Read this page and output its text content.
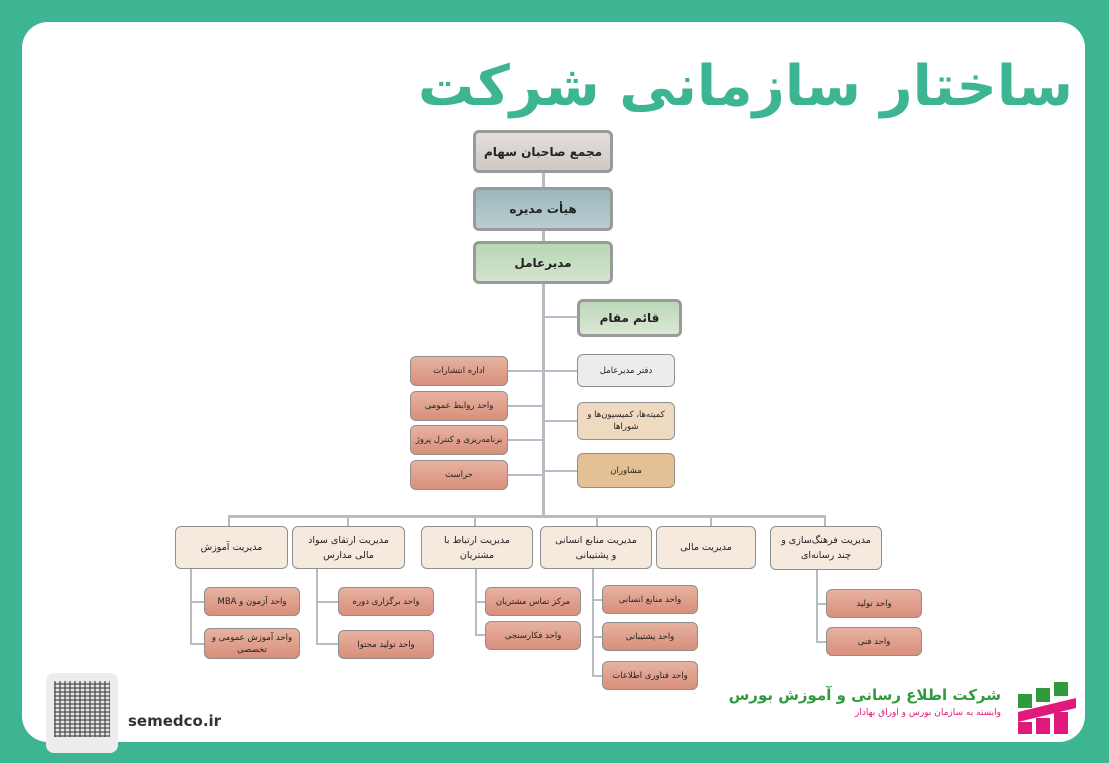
ساختار سازمانی شرکت
مجمع صاحبان سهام
هیأت مدیره
مدیرعامل
قائم مقام
اداره انتشارات
واحد روابط عمومی
برنامه‌ریزی و کنترل پروژ
حراست
دفتر مدیرعامل
کمیته‌ها، کمیسیون‌ها و شوراها
مشاوران
مدیریت آموزش
مدیریت ارتقای سواد مالی مدارس
مدیریت ارتباط با مشتریان
مدیریت منابع انسانی و پشتیبانی
مدیریت مالی
مدیریت فرهنگ‌سازی و چند رسانه‌ای
واحد آزمون و MBA
واحد آموزش عمومی و تخصصی
واحد برگزاری دوره
واحد تولید محتوا
مرکز تماس مشتریان
واحد فکارسنجی
واحد منابع انسانی
واحد پشتیبانی
واحد فناوری اطلاعات
واحد تولید
واحد فنی
semedco.ir
شرکت اطلاع رسانی و آموزش بورس
وابسته به سازمان بورس و اوراق بهادار
